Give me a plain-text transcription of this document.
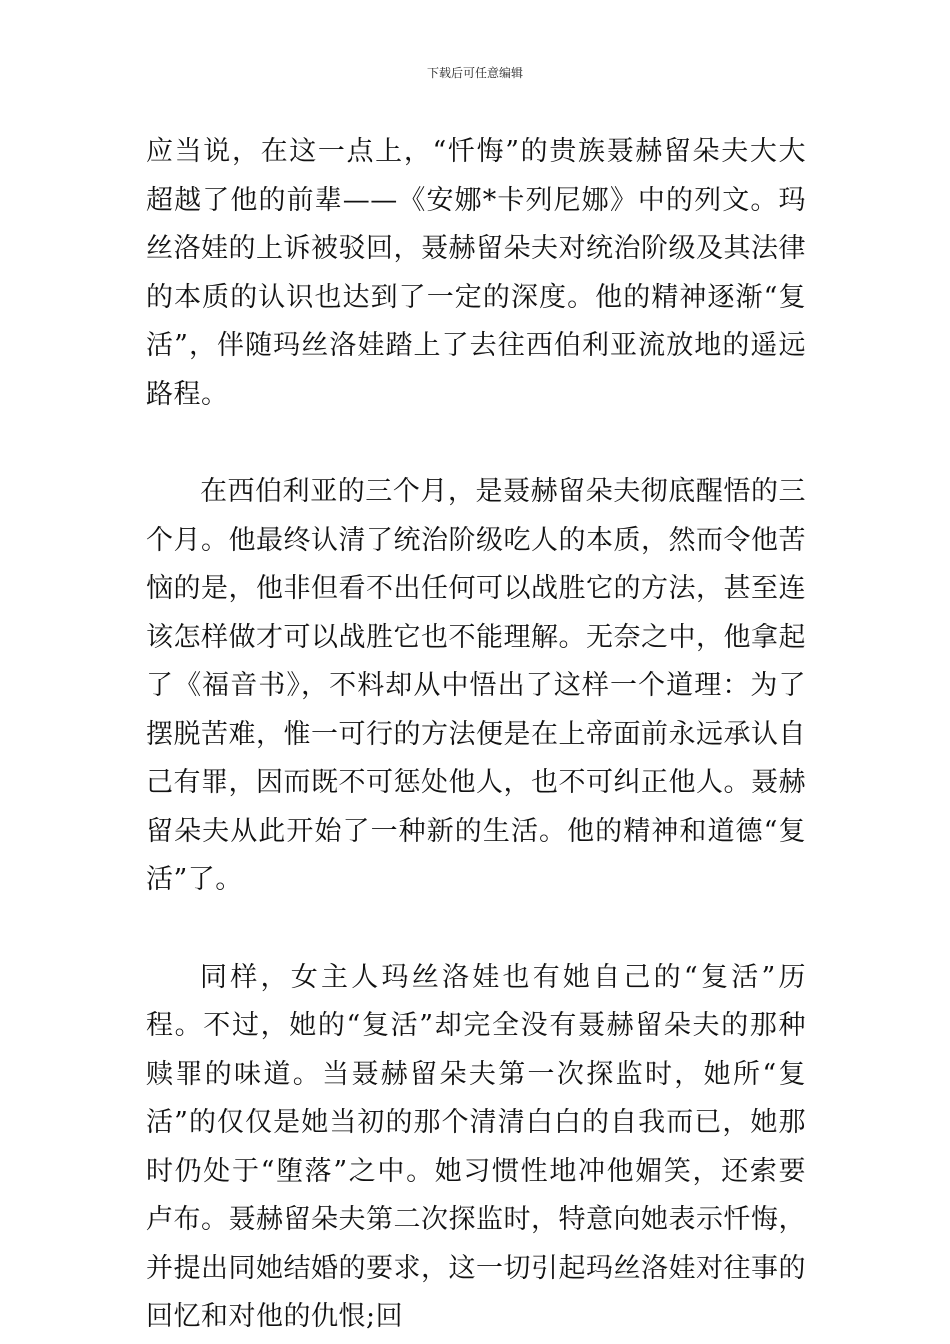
下载后可任意编辑

应当说，在这一点上，“忏悔”的贵族聂赫留朵夫大大超越了他的前辈——《安娜*卡列尼娜》中的列文。玛丝洛娃的上诉被驳回，聂赫留朵夫对统治阶级及其法律的本质的认识也达到了一定的深度。他的精神逐渐“复活”，伴随玛丝洛娃踏上了去往西伯利亚流放地的遥远路程。

在西伯利亚的三个月，是聂赫留朵夫彻底醒悟的三个月。他最终认清了统治阶级吃人的本质，然而令他苦恼的是，他非但看不出任何可以战胜它的方法，甚至连该怎样做才可以战胜它也不能理解。无奈之中，他拿起了《福音书》，不料却从中悟出了这样一个道理：为了摆脱苦难，惟一可行的方法便是在上帝面前永远承认自己有罪，因而既不可惩处他人，也不可纠正他人。聂赫留朵夫从此开始了一种新的生活。他的精神和道德“复活”了。

同样，女主人玛丝洛娃也有她自己的“复活”历程。不过，她的“复活”却完全没有聂赫留朵夫的那种赎罪的味道。当聂赫留朵夫第一次探监时，她所“复活”的仅仅是她当初的那个清清白白的自我而已，她那时仍处于“堕落”之中。她习惯性地冲他媚笑，还索要卢布。聂赫留朵夫第二次探监时，特意向她表示忏悔，并提出同她结婚的要求，这一切引起玛丝洛娃对往事的回忆和对他的仇恨;回
